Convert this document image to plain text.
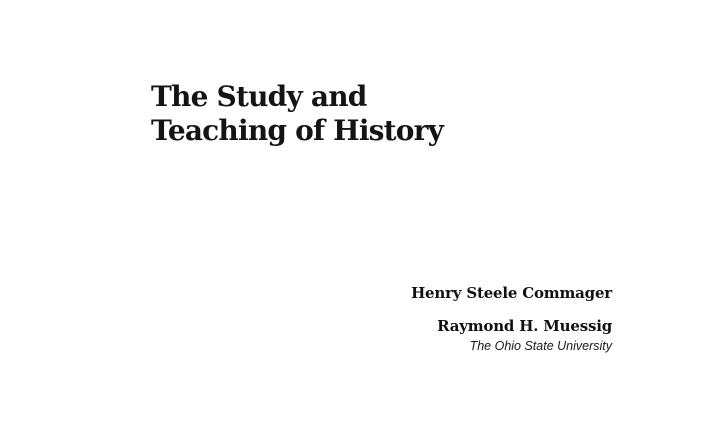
The Study and
Teaching of History
Henry Steele Commager
Raymond H. Muessig
The Ohio State University
